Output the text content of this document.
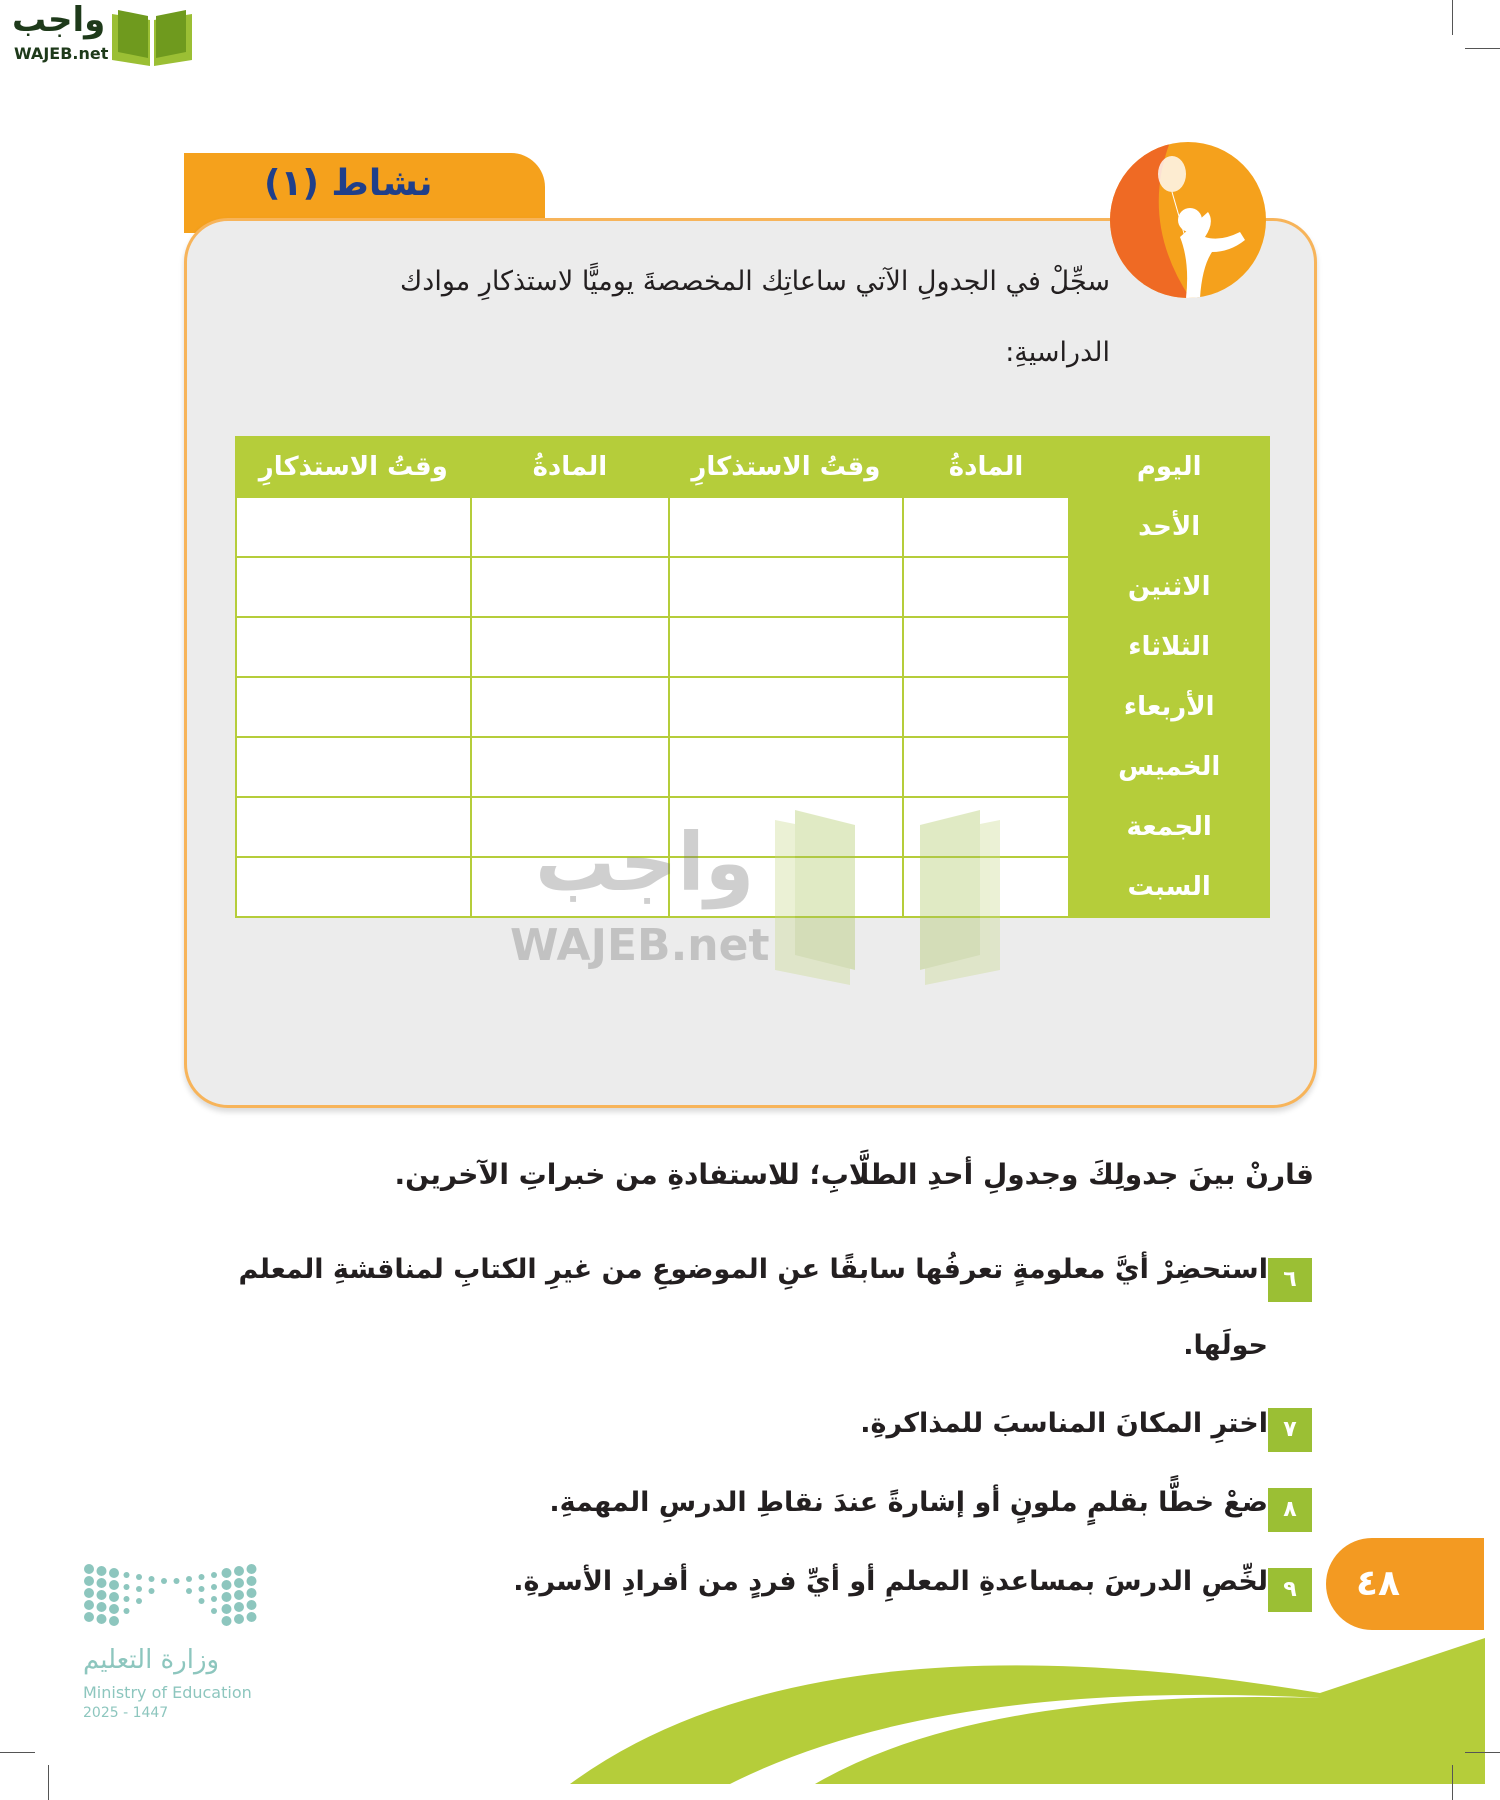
واجب
WAJEB.net
نشاط (١)
سجِّلْ في الجدولِ الآتي ساعاتِك المخصصةَ يوميًّا لاستذكارِ موادك
الدراسيةِ:
اليوم	المادةُ	وقتُ الاستذكارِ	المادةُ	وقتُ الاستذكارِ
الأحد				
الاثنين				
الثلاثاء				
الأربعاء				
الخميس				
الجمعة				
السبت				
واجب
WAJEB.net
قارنْ بينَ جدولِكَ وجدولِ أحدِ الطلَّابِ؛ للاستفادةِ من خبراتِ الآخرين.
٦
استحضِرْ أيَّ معلومةٍ تعرفُها سابقًا عنِ الموضوعِ من غيرِ الكتابِ لمناقشةِ المعلم
حولَها.
٧
اخترِ المكانَ المناسبَ للمذاكرةِ.
٨
ضعْ خطًّا بقلمٍ ملونٍ أو إشارةً عندَ نقاطِ الدرسِ المهمةِ.
٩
لخِّصِ الدرسَ بمساعدةِ المعلمِ أو أيِّ فردٍ من أفرادِ الأسرةِ.	٤٨
وزارة التعليم
Ministry of Education
2025 - 1447
